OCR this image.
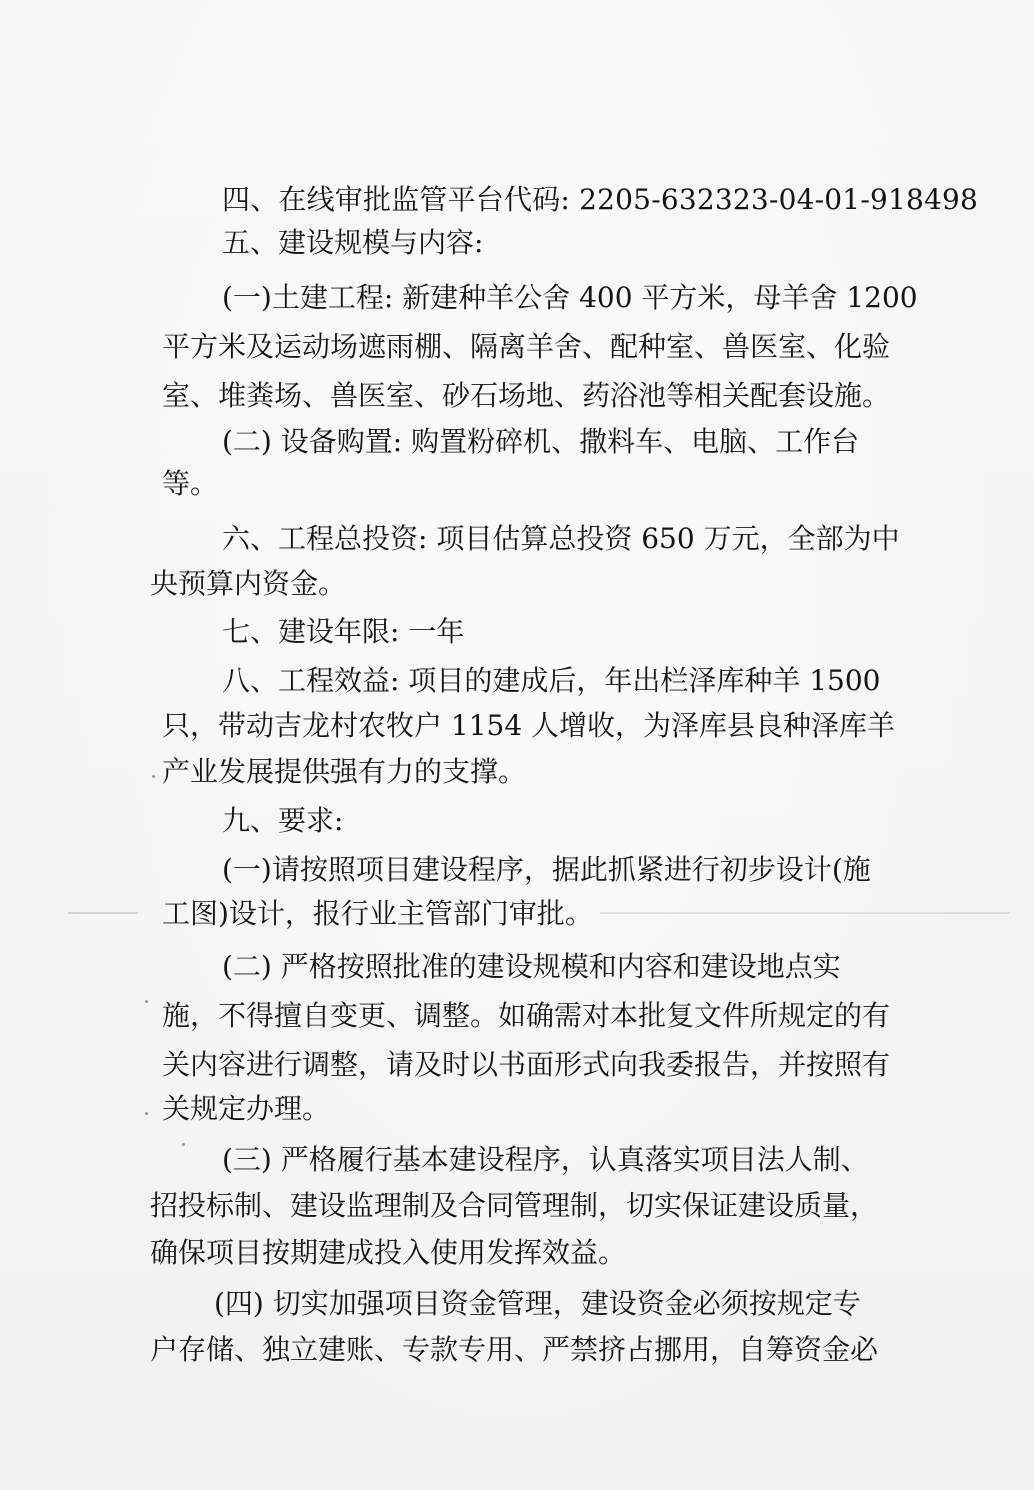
四、在线审批监管平台代码: 2205-632323-04-01-918498
五、建设规模与内容:
(一)土建工程: 新建种羊公舍 400 平方米，母羊舍 1200
平方米及运动场遮雨棚、隔离羊舍、配种室、兽医室、化验
室、堆粪场、兽医室、砂石场地、药浴池等相关配套设施。
(二) 设备购置: 购置粉碎机、撒料车、电脑、工作台
等。
六、工程总投资: 项目估算总投资 650 万元，全部为中
央预算内资金。
七、建设年限: 一年
八、工程效益: 项目的建成后，年出栏泽库种羊 1500
只，带动吉龙村农牧户 1154 人增收，为泽库县良种泽库羊
产业发展提供强有力的支撑。
九、要求:
(一)请按照项目建设程序，据此抓紧进行初步设计(施
工图)设计，报行业主管部门审批。
(二) 严格按照批准的建设规模和内容和建设地点实
施，不得擅自变更、调整。如确需对本批复文件所规定的有
关内容进行调整，请及时以书面形式向我委报告，并按照有
关规定办理。
(三) 严格履行基本建设程序，认真落实项目法人制、
招投标制、建设监理制及合同管理制，切实保证建设质量，
确保项目按期建成投入使用发挥效益。
(四) 切实加强项目资金管理，建设资金必须按规定专
户存储、独立建账、专款专用、严禁挤占挪用，自筹资金必
